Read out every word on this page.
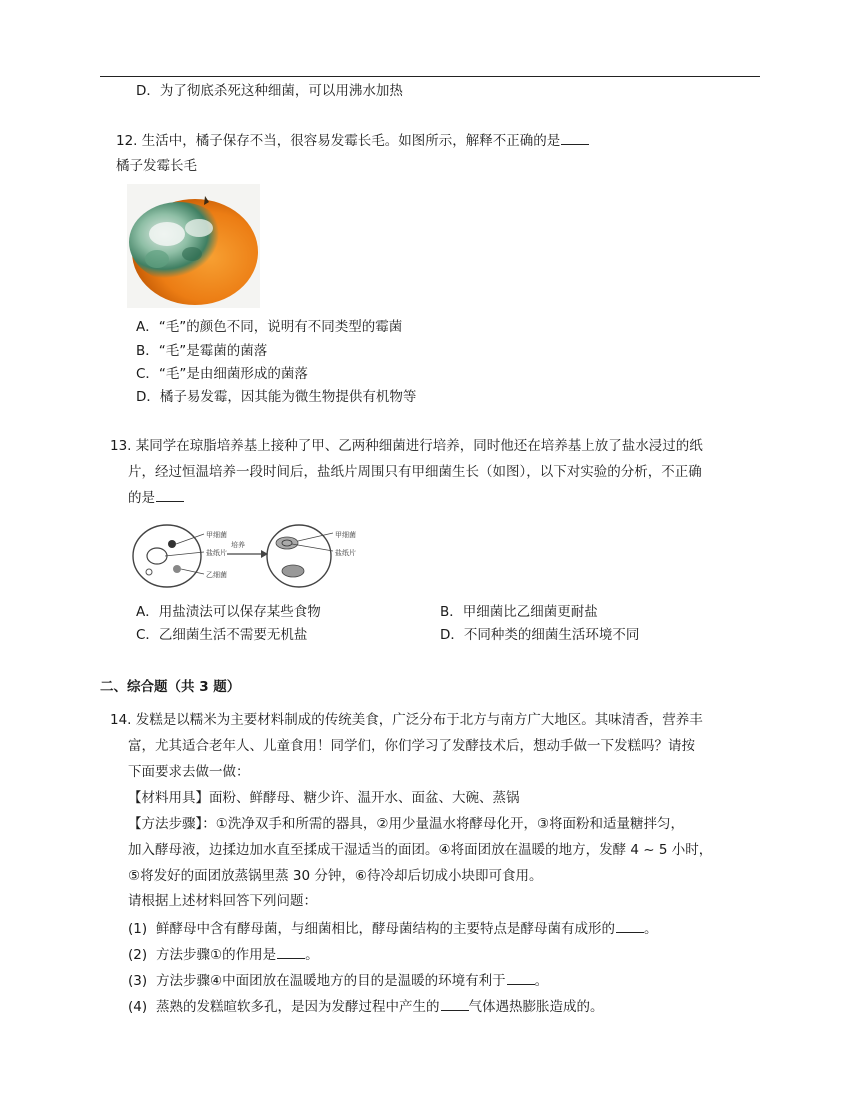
D．为了彻底杀死这种细菌，可以用沸水加热
12. 生活中，橘子保存不当，很容易发霉长毛。如图所示，解释不正确的是
橘子发霉长毛
A．“毛”的颜色不同，说明有不同类型的霉菌
B．“毛”是霉菌的菌落
C．“毛”是由细菌形成的菌落
D．橘子易发霉，因其能为微生物提供有机物等
13. 某同学在琼脂培养基上接种了甲、乙两种细菌进行培养，同时他还在培养基上放了盐水浸过的纸
片，经过恒温培养一段时间后，盐纸片周围只有甲细菌生长（如图），以下对实验的分析，不正确
的是
甲细菌
盐纸片
乙细菌
培养
甲细菌
盐纸片
A．用盐渍法可以保存某些食物	B．甲细菌比乙细菌更耐盐
C．乙细菌生活不需要无机盐	D．不同种类的细菌生活环境不同
二、综合题（共 3 题）
14. 发糕是以糯米为主要材料制成的传统美食，广泛分布于北方与南方广大地区。其味清香，营养丰
富，尤其适合老年人、儿童食用！同学们，你们学习了发酵技术后，想动手做一下发糕吗？请按
下面要求去做一做：
【材料用具】面粉、鲜酵母、糖少许、温开水、面盆、大碗、蒸锅
【方法步骤】：①洗净双手和所需的器具，②用少量温水将酵母化开，③将面粉和适量糖拌匀，
加入酵母液，边揉边加水直至揉成干湿适当的面团。④将面团放在温暖的地方，发酵 4 ~ 5 小时，
⑤将发好的面团放蒸锅里蒸 30 分钟，⑥待冷却后切成小块即可食用。
请根据上述材料回答下列问题：
(1) 鲜酵母中含有酵母菌，与细菌相比，酵母菌结构的主要特点是酵母菌有成形的 。
(2) 方法步骤①的作用是 。
(3) 方法步骤④中面团放在温暖地方的目的是温暖的环境有利于 。
(4) 蒸熟的发糕暄软多孔，是因为发酵过程中产生的 气体遇热膨胀造成的。
